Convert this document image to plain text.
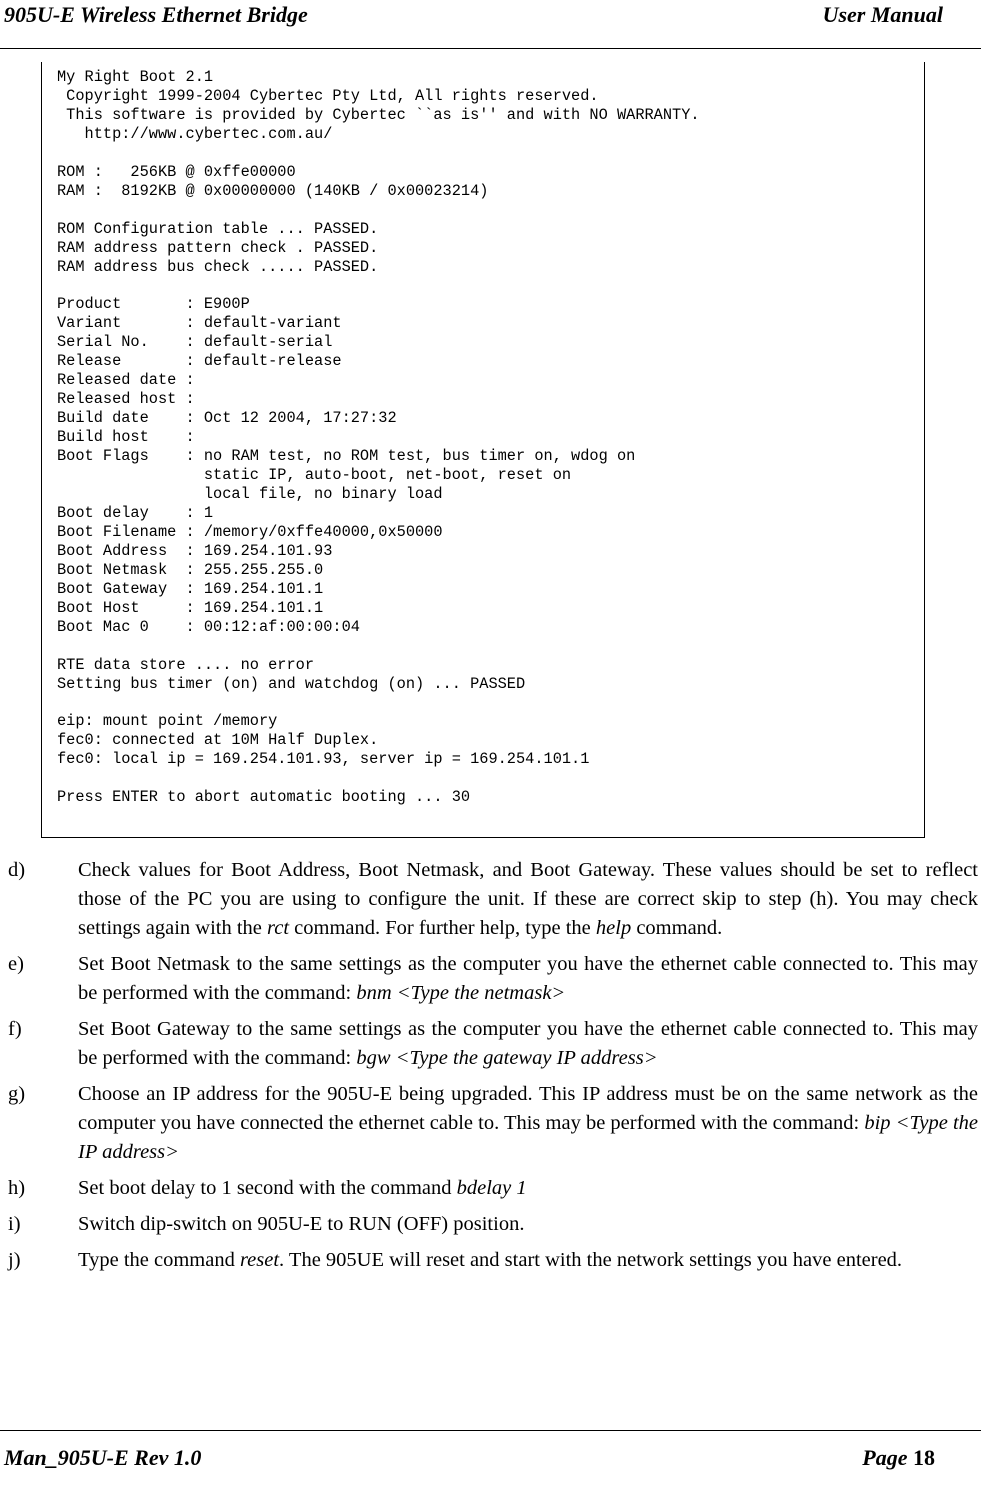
905U-E Wireless Ethernet Bridge	User Manual
My Right Boot 2.1
Copyright 1999-2004 Cybertec Pty Ltd, All rights reserved.
This software is provided by Cybertec ``as is'' and with NO WARRANTY.
http://www.cybertec.com.au/

ROM :   256KB @ 0xffe00000
RAM :  8192KB @ 0x00000000 (140KB / 0x00023214)

ROM Configuration table ... PASSED.
RAM address pattern check . PASSED.
RAM address bus check ..... PASSED.

Product       : E900P
Variant       : default-variant
Serial No.    : default-serial
Release       : default-release
Released date :
Released host :
Build date    : Oct 12 2004, 17:27:32
Build host    :
Boot Flags    : no RAM test, no ROM test, bus timer on, wdog on
static IP, auto-boot, net-boot, reset on
local file, no binary load
Boot delay    : 1
Boot Filename : /memory/0xffe40000,0x50000
Boot Address  : 169.254.101.93
Boot Netmask  : 255.255.255.0
Boot Gateway  : 169.254.101.1
Boot Host     : 169.254.101.1
Boot Mac 0    : 00:12:af:00:00:04

RTE data store .... no error
Setting bus timer (on) and watchdog (on) ... PASSED

eip: mount point /memory
fec0: connected at 10M Half Duplex.
fec0: local ip = 169.254.101.93, server ip = 169.254.101.1

Press ENTER to abort automatic booting ... 30

d)	Check values for Boot Address, Boot Netmask, and Boot Gateway. These values should be set to reflect those of the PC you are using to configure the unit. If these are correct skip to step (h). You may check settings again with the rct command. For further help, type the help command.
e)	Set Boot Netmask to the same settings as the computer you have the ethernet cable connected to. This may be performed with the command: bnm <Type the netmask>
f)	Set Boot Gateway to the same settings as the computer you have the ethernet cable connected to. This may be performed with the command: bgw <Type the gateway IP address>
g)	Choose an IP address for the 905U-E being upgraded. This IP address must be on the same network as the computer you have connected the ethernet cable to. This may be performed with the command: bip <Type the IP address>
h)	Set boot delay to 1 second with the command bdelay 1
i)	Switch dip-switch on 905U-E to RUN (OFF) position.
j)	Type the command reset. The 905UE will reset and start with the network settings you have entered.
Man_905U-E Rev 1.0	Page 18
